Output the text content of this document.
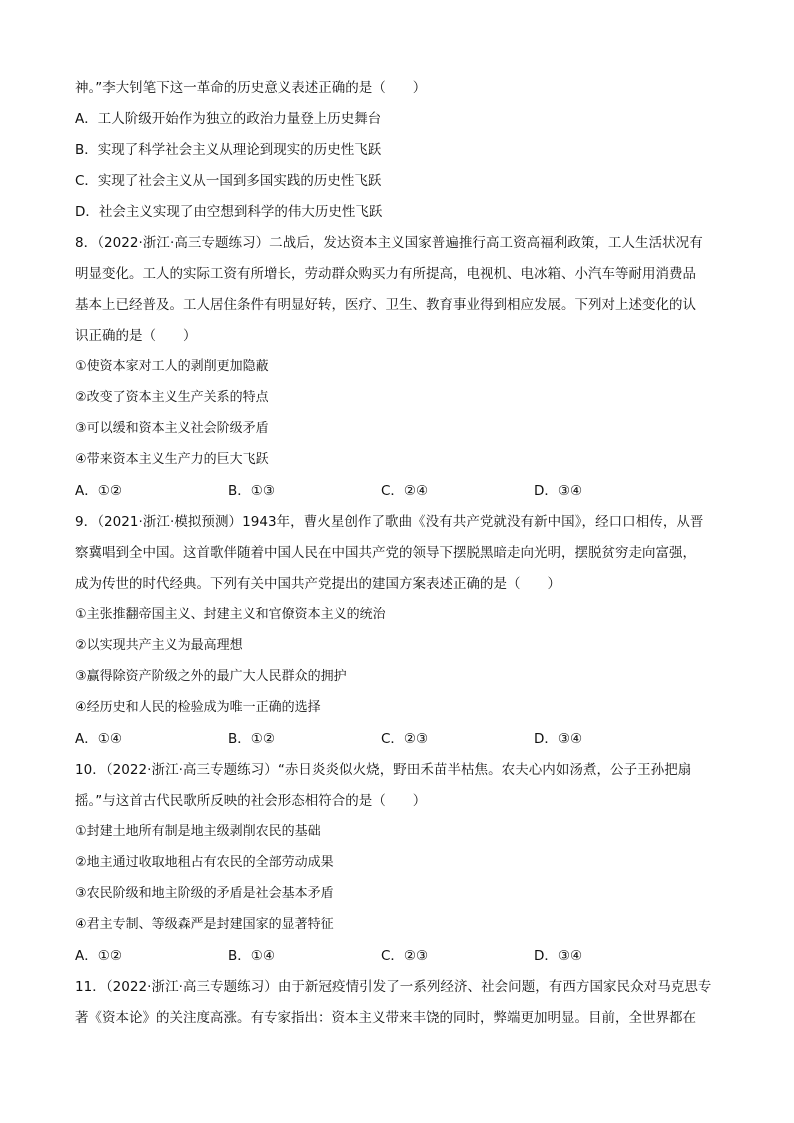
神。”李大钊笔下这一革命的历史意义表述正确的是（　　）
A．工人阶级开始作为独立的政治力量登上历史舞台
B．实现了科学社会主义从理论到现实的历史性飞跃
C．实现了社会主义从一国到多国实践的历史性飞跃
D．社会主义实现了由空想到科学的伟大历史性飞跃
8．（2022·浙江·高三专题练习）二战后，发达资本主义国家普遍推行高工资高福利政策，工人生活状况有
明显变化。工人的实际工资有所增长，劳动群众购买力有所提高，电视机、电冰箱、小汽车等耐用消费品
基本上已经普及。工人居住条件有明显好转，医疗、卫生、教育事业得到相应发展。下列对上述变化的认
识正确的是（　　）
①使资本家对工人的剥削更加隐蔽
②改变了资本主义生产关系的特点
③可以缓和资本主义社会阶级矛盾
④带来资本主义生产力的巨大飞跃
A．①②	B．①③	C．②④	D．③④
9．（2021·浙江·模拟预测）1943年，曹火星创作了歌曲《没有共产党就没有新中国》，经口口相传，从晋
察冀唱到全中国。这首歌伴随着中国人民在中国共产党的领导下摆脱黑暗走向光明，摆脱贫穷走向富强，
成为传世的时代经典。下列有关中国共产党提出的建国方案表述正确的是（　　）
①主张推翻帝国主义、封建主义和官僚资本主义的统治
②以实现共产主义为最高理想
③赢得除资产阶级之外的最广大人民群众的拥护
④经历史和人民的检验成为唯一正确的选择
A．①④	B．①②	C．②③	D．③④
10．（2022·浙江·高三专题练习）“赤日炎炎似火烧，野田禾苗半枯焦。农夫心内如汤煮，公子王孙把扇
摇。”与这首古代民歌所反映的社会形态相符合的是（　　）
①封建土地所有制是地主级剥削农民的基础
②地主通过收取地租占有农民的全部劳动成果
③农民阶级和地主阶级的矛盾是社会基本矛盾
④君主专制、等级森严是封建国家的显著特征
A．①②	B．①④	C．②③	D．③④
11．（2022·浙江·高三专题练习）由于新冠疫情引发了一系列经济、社会问题，有西方国家民众对马克思专
著《资本论》的关注度高涨。有专家指出：资本主义带来丰饶的同时，弊端更加明显。目前，全世界都在
